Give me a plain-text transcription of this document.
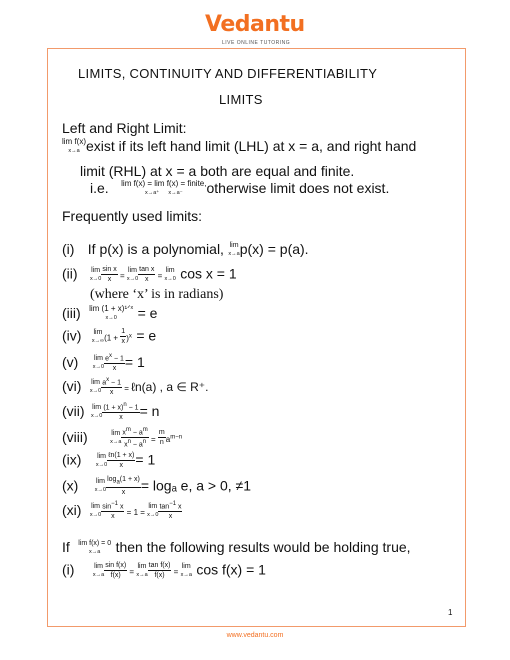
Vedantu
LIVE ONLINE TUTORING
LIMITS, CONTINUITY AND DIFFERENTIABILITY
LIMITS
Left and Right Limit:
lim f(x)
x→a exist if its left hand limit (LHL) at x = a, and right hand
limit (RHL) at x = a both are equal and finite.
i.e. lim f(x) = lim f(x) = finite,
x→a⁺ x→a⁻	otherwise limit does not exist.
Frequently used limits:
(i) If p(x) is a polynomial, lim
x→a p(x) = p(a).
(ii) lim
$x\to 0 \frac{\text{sin x}}{x} = \lim$
$x\to 0 \frac{\text{tan x}}{x} = \lim$
x→0 cos x = 1
(where ‘x’ is in radians)
(iii) lim (1 + x)¹ᐟˣ
x→0	= e
(iv) lim
x→∞ $(1 + \frac{1}{x} )^x = e$
(v) lim
$x\to 0 \frac{e^x - 1}{x} = 1$
(vi) lim
$x\to 0 \frac{a^x - 1}{x}$ = ℓn(a) , a ∈ R⁺.
(vii) lim
$x\to 0 \frac{(1 + x)^n - 1}{x} = n$
(viii)	lim
$x\to a \frac{x^m - a^m}{x^n - a^n} = \frac{m}{n} a^{m-n}$
(ix) lim
$x\to 0 \frac{\text{ℓn(1 + x)}}{x} = 1$
(x)	lim
$x\to 0 \frac{\log_a(1 + x)}{x} = \log_a$ e, a > 0, ≠1
(xi) lim
$x\to 0 \frac{\sin^{-1} x}{x} = 1 = \lim$
$x\to 0 \frac{\tan^{-1} x}{x}$
If lim f(x) = 0
x→a	then the following results would be holding true,
(i)	lim
$x\to a \frac{\text{sin f(x)}}{f(x)} = \lim$
$x\to a \frac{\text{tan f(x)}}{f(x)} = \lim$
x→a cos f(x) = 1
1
www.vedantu.com
